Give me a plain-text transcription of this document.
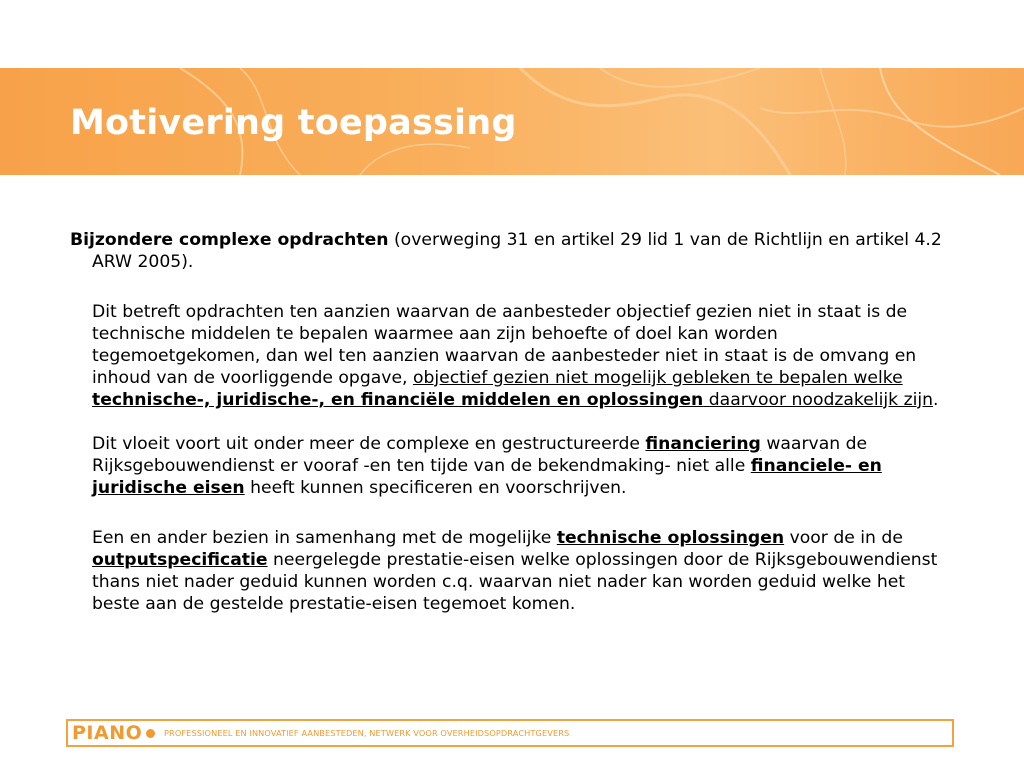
Motivering toepassing

Bijzondere complexe opdrachten (overweging 31 en artikel 29 lid 1 van de Richtlijn en artikel 4.2 ARW 2005).

Dit betreft opdrachten ten aanzien waarvan de aanbesteder objectief gezien niet in staat is de technische middelen te bepalen waarmee aan zijn behoefte of doel kan worden tegemoetgekomen, dan wel ten aanzien waarvan de aanbesteder niet in staat is de omvang en inhoud van de voorliggende opgave, objectief gezien niet mogelijk gebleken te bepalen welke technische-, juridische-, en financiële middelen en oplossingen daarvoor noodzakelijk zijn.

Dit vloeit voort uit onder meer de complexe en gestructureerde financiering waarvan de Rijksgebouwendienst er vooraf -en ten tijde van de bekendmaking- niet alle financiele- en juridische eisen heeft kunnen specificeren en voorschrijven.

Een en ander bezien in samenhang met de mogelijke technische oplossingen voor de in de outputspecificatie neergelegde prestatie-eisen welke oplossingen door de Rijksgebouwendienst thans niet nader geduid kunnen worden c.q. waarvan niet nader kan worden geduid welke het beste aan de gestelde prestatie-eisen tegemoet komen.

PIANO	PROFESSIONEEL EN INNOVATIEF AANBESTEDEN, NETWERK VOOR OVERHEIDSOPDRACHTGEVERS
